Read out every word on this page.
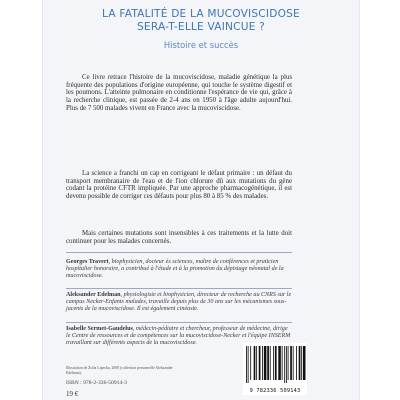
LA FATALITÉ DE LA MUCOVISCIDOSE
SERA-T-ELLE VAINCUE ?
Histoire et succès
Ce livre retrace l'histoire de la mucoviscidose, maladie génétique la plus fréquente des populations d'origine européenne, qui touche le système digestif et les poumons. L'atteinte pulmonaire en conditionne l'espérance de vie qui, grâce à la recherche clinique, est passée de 2-4 ans en 1950 à l'âge adulte aujourd'hui. Plus de 7 500 malades vivent en France avec la mucoviscidose.
La science a franchi un cap en corrigeant le défaut primaire : un défaut du transport membranaire de l'eau et de l'ion chlorure dû aux mutations du gène codant la protéine CFTR impliquée. Par une approche pharmacogénétique, il est devenu possible de corriger ces défauts pour plus 80 à 85 % des malades.
Mais certaines mutations sont insensibles à ces traitements et la lutte doit continuer pour les malades concernés.
Georges Travert, biophysicien, docteur ès sciences, maître de conférences et praticien hospitalier honoraire, a contribué à l'étude et à la promotion du dépistage néonatal de la mucoviscidose.
Aleksander Edelman, physiologiste et biophysicien, directeur de recherche au CNRS sur le campus Necker-Enfants malades, travaille depuis plus de 30 ans sur les mécanismes sous-jacents de la mucoviscidose. Il est également cinéaste.
Isabelle Sermet-Gaudelus, médecin-pédiatre et chercheur, professeur de médecine, dirige le Centre de ressources et de compétences sur la mucoviscidose-Necker et l'équipe INSERM travaillant sur différents aspects de la mucoviscidose.
Illustration de Zofia Lipecka, 2008 (collection personnelle Aleksander Edelman).
ISBN : 978-2-336-50914-3
19 €	9 782336 509143
